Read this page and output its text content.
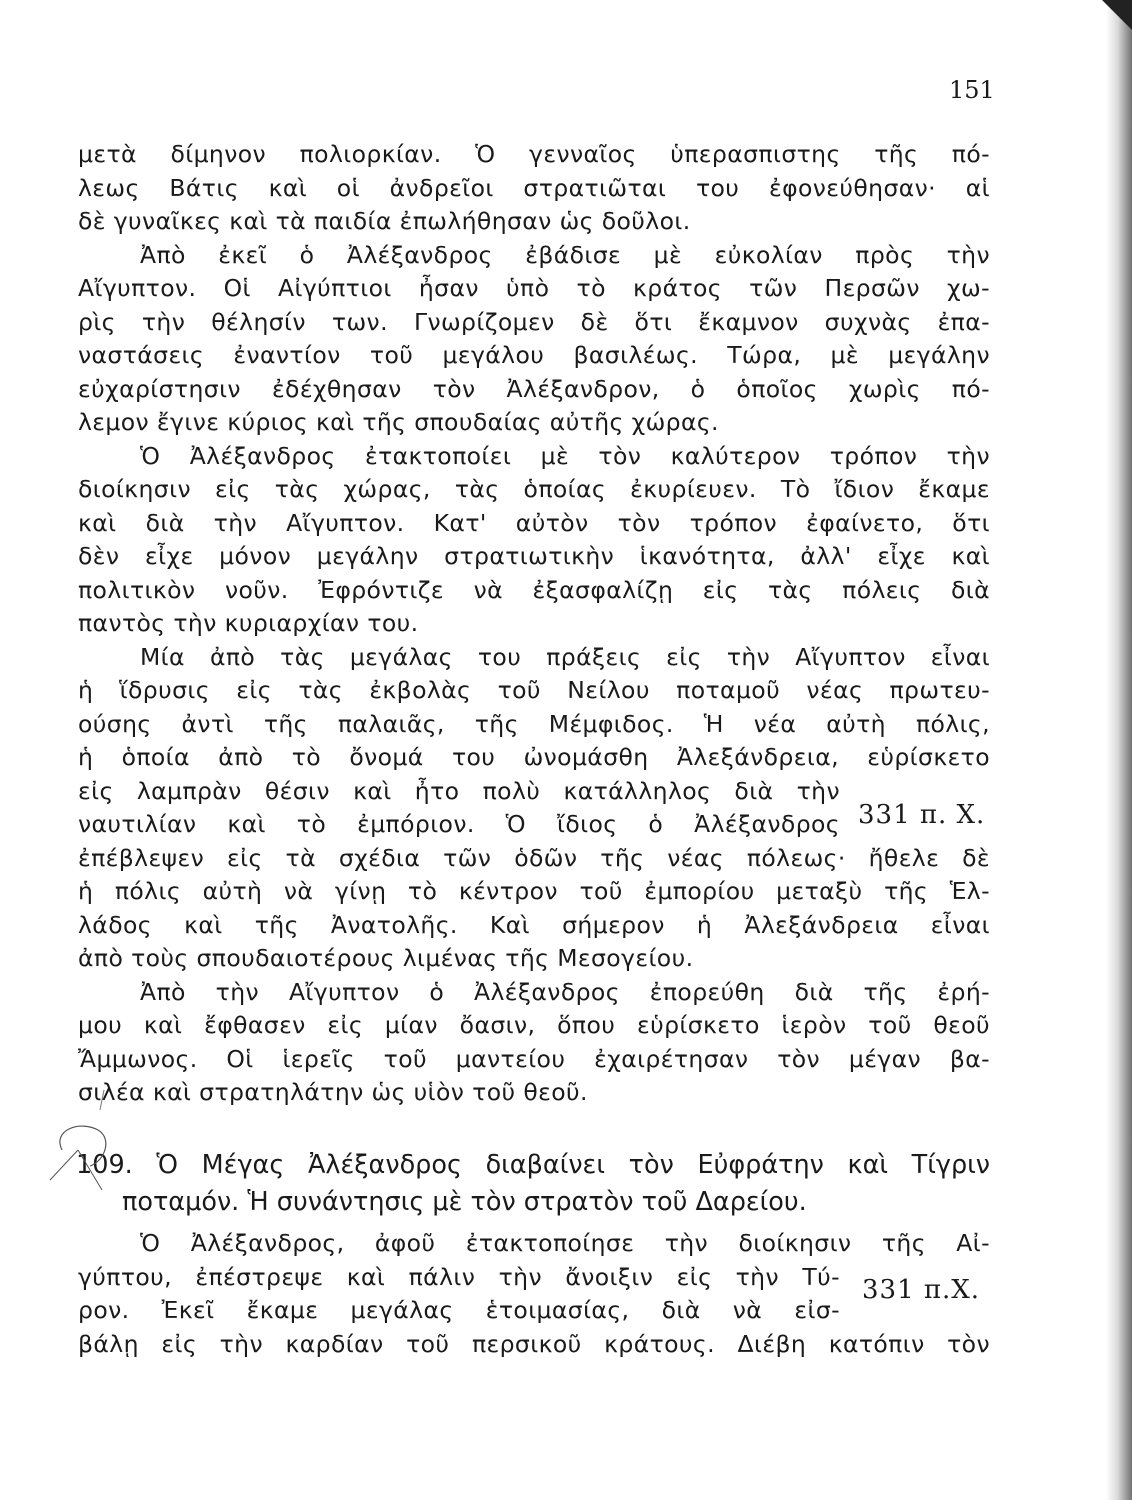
151
μετὰ δίμηνον πολιορκίαν. Ὁ γενναῖος ὑπερασπιστης τῆς πό-
λεως Βάτις καὶ οἱ ἀνδρεῖοι στρατιῶται του ἐφονεύθησαν· αἱ
δὲ γυναῖκες καὶ τὰ παιδία ἐπωλήθησαν ὡς δοῦλοι.
Ἀπὸ ἐκεῖ ὁ Ἀλέξανδρος ἐβάδισε μὲ εὐκολίαν πρὸς τὴν
Αἴγυπτον. Οἱ Αἰγύπτιοι ἦσαν ὑπὸ τὸ κράτος τῶν Περσῶν χω-
ρὶς τὴν θέλησίν των. Γνωρίζομεν δὲ ὅτι ἔκαμνον συχνὰς ἐπα-
ναστάσεις ἐναντίον τοῦ μεγάλου βασιλέως. Τώρα, μὲ μεγάλην
εὐχαρίστησιν ἐδέχθησαν τὸν Ἀλέξανδρον, ὁ ὁποῖος χωρὶς πό-
λεμον ἔγινε κύριος καὶ τῆς σπουδαίας αὐτῆς χώρας.
Ὁ Ἀλέξανδρος ἐτακτοποίει μὲ τὸν καλύτερον τρόπον τὴν
διοίκησιν εἰς τὰς χώρας, τὰς ὁποίας ἐκυρίευεν. Τὸ ἴδιον ἔκαμε
καὶ διὰ τὴν Αἴγυπτον. Κατ' αὐτὸν τὸν τρόπον ἐφαίνετο, ὅτι
δὲν εἶχε μόνον μεγάλην στρατιωτικὴν ἱκανότητα, ἀλλ' εἶχε καὶ
πολιτικὸν νοῦν. Ἐφρόντιζε νὰ ἐξασφαλίζῃ εἰς τὰς πόλεις διὰ
παντὸς τὴν κυριαρχίαν του.
Μία ἀπὸ τὰς μεγάλας του πράξεις εἰς τὴν Αἴγυπτον εἶναι
ἡ ἵδρυσις εἰς τὰς ἐκβολὰς τοῦ Νείλου ποταμοῦ νέας πρωτευ-
ούσης ἀντὶ τῆς παλαιᾶς, τῆς Μέμφιδος. Ἡ νέα αὐτὴ πόλις,
ἡ ὁποία ἀπὸ τὸ ὄνομά του ὠνομάσθη Ἀλεξάνδρεια, εὑρίσκετο
εἰς λαμπρὰν θέσιν καὶ ἦτο πολὺ κατάλληλος διὰ τὴν
ναυτιλίαν καὶ τὸ ἐμπόριον. Ὁ ἴδιος ὁ Ἀλέξανδρος
ἐπέβλεψεν εἰς τὰ σχέδια τῶν ὁδῶν τῆς νέας πόλεως· ἤθελε δὲ
ἡ πόλις αὐτὴ νὰ γίνῃ τὸ κέντρον τοῦ ἐμπορίου μεταξὺ τῆς Ἑλ-
λάδος καὶ τῆς Ἀνατολῆς. Καὶ σήμερον ἡ Ἀλεξάνδρεια εἶναι
ἀπὸ τοὺς σπουδαιοτέρους λιμένας τῆς Μεσογείου.
Ἀπὸ τὴν Αἴγυπτον ὁ Ἀλέξανδρος ἐπορεύθη διὰ τῆς ἐρή-
μου καὶ ἔφθασεν εἰς μίαν ὄασιν, ὅπου εὑρίσκετο ἱερὸν τοῦ θεοῦ
Ἄμμωνος. Οἱ ἱερεῖς τοῦ μαντείου ἐχαιρέτησαν τὸν μέγαν βα-
σιλέα καὶ στρατηλάτην ὡς υἱὸν τοῦ θεοῦ.
109. Ὁ Μέγας Ἀλέξανδρος διαβαίνει τὸν Εὐφράτην καὶ Τίγριν
ποταμόν. Ἡ συνάντησις μὲ τὸν στρατὸν τοῦ Δαρείου.
Ὁ Ἀλέξανδρος, ἀφοῦ ἐτακτοποίησε τὴν διοίκησιν τῆς Αἰ-
γύπτου, ἐπέστρεψε καὶ πάλιν τὴν ἄνοιξιν εἰς τὴν Τύ-
ρον. Ἐκεῖ ἔκαμε μεγάλας ἑτοιμασίας, διὰ νὰ εἰσ-
βάλῃ εἰς τὴν καρδίαν τοῦ περσικοῦ κράτους. Διέβη κατόπιν τὸν
331 π. Χ.
331 π.Χ.
